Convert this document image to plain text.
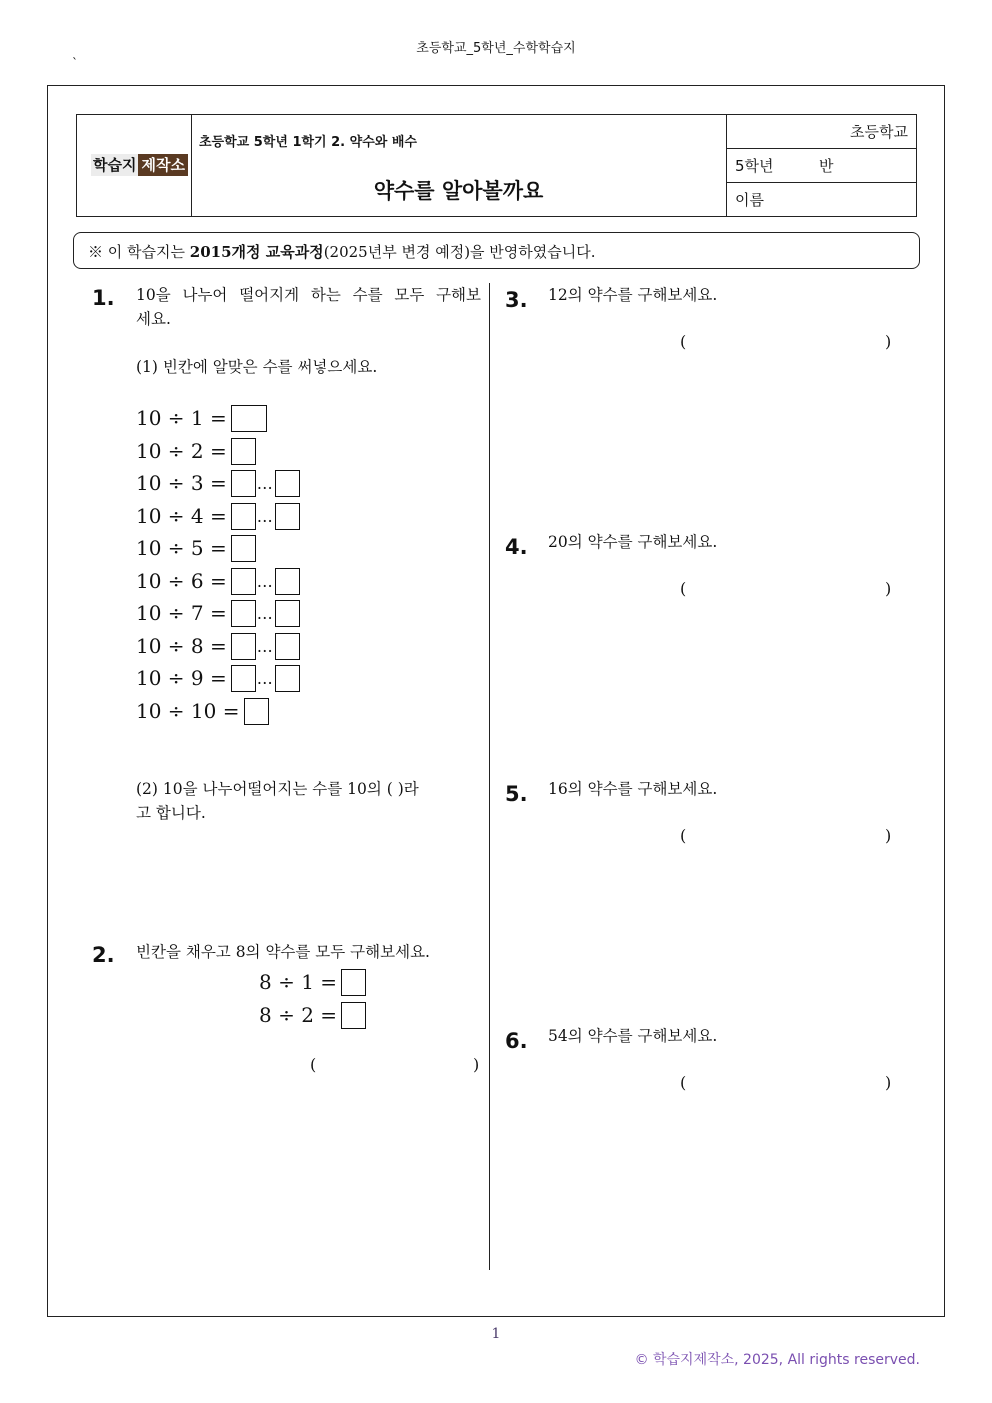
초등학교_5학년_수학학습지
`
학습지 제작소
초등학교 5학년 1학기 2. 약수와 배수
약수를 알아볼까요
초등학교
5학년	반
이름
※ 이 학습지는 2015개정 교육과정(2025년부 변경 예정)을 반영하였습니다.
1. 10을 나누어 떨어지게 하는 수를 모두 구해보
세요.
(1) 빈칸에 알맞은 수를 써넣으세요.
10 ÷ 1 =
10 ÷ 2 =
10 ÷ 3 = …
10 ÷ 4 = …
10 ÷ 5 =
10 ÷ 6 = …
10 ÷ 7 = …
10 ÷ 8 = …
10 ÷ 9 = …
10 ÷ 10 =
(2) 10을 나누어떨어지는 수를 10의 ( )라
고 합니다.
2. 빈칸을 채우고 8의 약수를 모두 구해보세요.
8 ÷ 1 =
8 ÷ 2 =
(	)
3. 12의 약수를 구해보세요.
(	)
4. 20의 약수를 구해보세요.
(	)
5. 16의 약수를 구해보세요.
(	)
6. 54의 약수를 구해보세요.
(	)
1
© 학습지제작소, 2025, All rights reserved.
